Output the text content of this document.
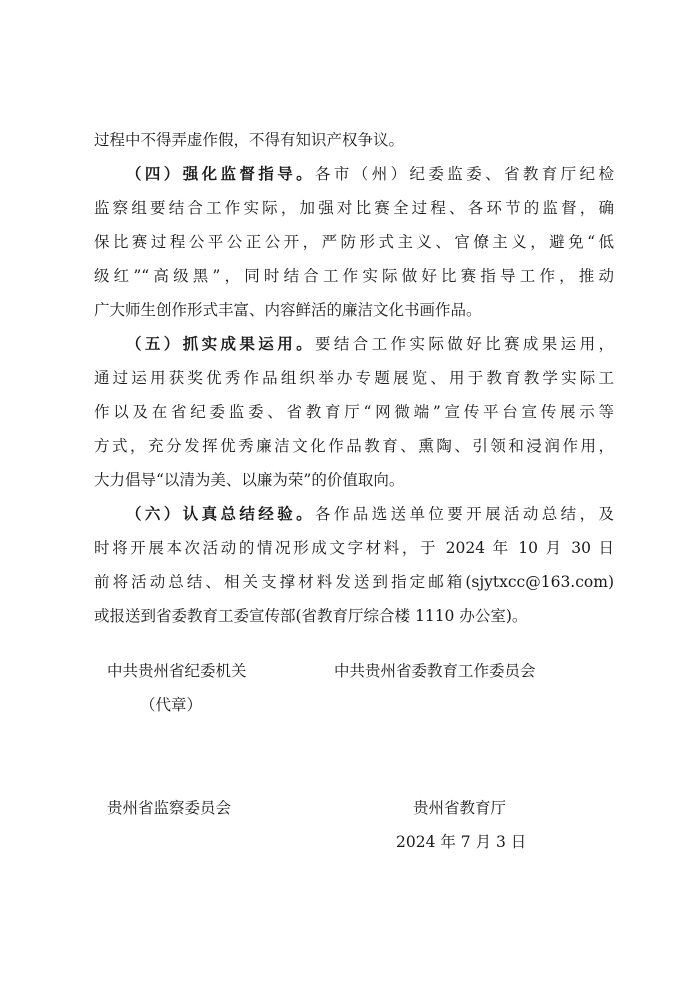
过程中不得弄虚作假，不得有知识产权争议。
（四）强化监督指导。各市（州）纪委监委、省教育厅纪检
监察组要结合工作实际，加强对比赛全过程、各环节的监督，确
保比赛过程公平公正公开，严防形式主义、官僚主义，避免“低
级红”“高级黑”，同时结合工作实际做好比赛指导工作，推动
广大师生创作形式丰富、内容鲜活的廉洁文化书画作品。
（五）抓实成果运用。要结合工作实际做好比赛成果运用，
通过运用获奖优秀作品组织举办专题展览、用于教育教学实际工
作以及在省纪委监委、省教育厅“网微端”宣传平台宣传展示等
方式，充分发挥优秀廉洁文化作品教育、熏陶、引领和浸润作用，
大力倡导“以清为美、以廉为荣”的价值取向。
（六）认真总结经验。各作品选送单位要开展活动总结，及
时将开展本次活动的情况形成文字材料，于 2024 年 10 月 30 日
前将活动总结、相关支撑材料发送到指定邮箱(sjytxcc@163.com)
或报送到省委教育工委宣传部(省教育厅综合楼 1110 办公室)。
中共贵州省纪委机关	中共贵州省委教育工作委员会
（代章）
贵州省监察委员会	贵州省教育厅
2024 年 7 月 3 日
